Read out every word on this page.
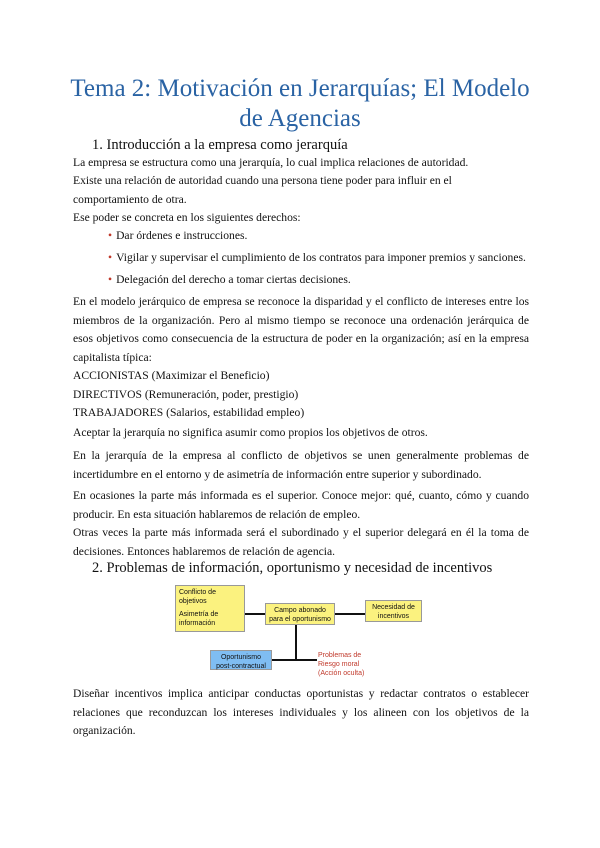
Tema 2: Motivación en Jerarquías; El Modelo de Agencias
1. Introducción a la empresa como jerarquía
La empresa se estructura como una jerarquía, lo cual implica relaciones de autoridad.
Existe una relación de autoridad cuando una persona tiene poder para influir en el comportamiento de otra.
Ese poder se concreta en los siguientes derechos:
• Dar órdenes e instrucciones.
• Vigilar y supervisar el cumplimiento de los contratos para imponer premios y sanciones.
• Delegación del derecho a tomar ciertas decisiones.
En el modelo jerárquico de empresa se reconoce la disparidad y el conflicto de intereses entre los miembros de la organización. Pero al mismo tiempo se reconoce una ordenación jerárquica de esos objetivos como consecuencia de la estructura de poder en la organización; así en la empresa capitalista típica:
ACCIONISTAS (Maximizar el Beneficio)
DIRECTIVOS (Remuneración, poder, prestigio)
TRABAJADORES (Salarios, estabilidad empleo)
Aceptar la jerarquía no significa asumir como propios los objetivos de otros.
En la jerarquía de la empresa al conflicto de objetivos se unen generalmente problemas de incertidumbre en el entorno y de asimetría de información entre superior y subordinado.
En ocasiones la parte más informada es el superior. Conoce mejor: qué, cuanto, cómo y cuando producir. En esta situación hablaremos de relación de empleo.
Otras veces la parte más informada será el subordinado y el superior delegará en él la toma de decisiones. Entonces hablaremos de relación de agencia.
2. Problemas de información, oportunismo y necesidad de incentivos
Conflicto de objetivos
Asimetría de información
Campo abonado para el oportunismo
Necesidad de incentivos
Oportunismo post-contractual
Problemas de Riesgo moral (Acción oculta)
Diseñar incentivos implica anticipar conductas oportunistas y redactar contratos o establecer relaciones que reconduzcan los intereses individuales y los alineen con los objetivos de la organización.
